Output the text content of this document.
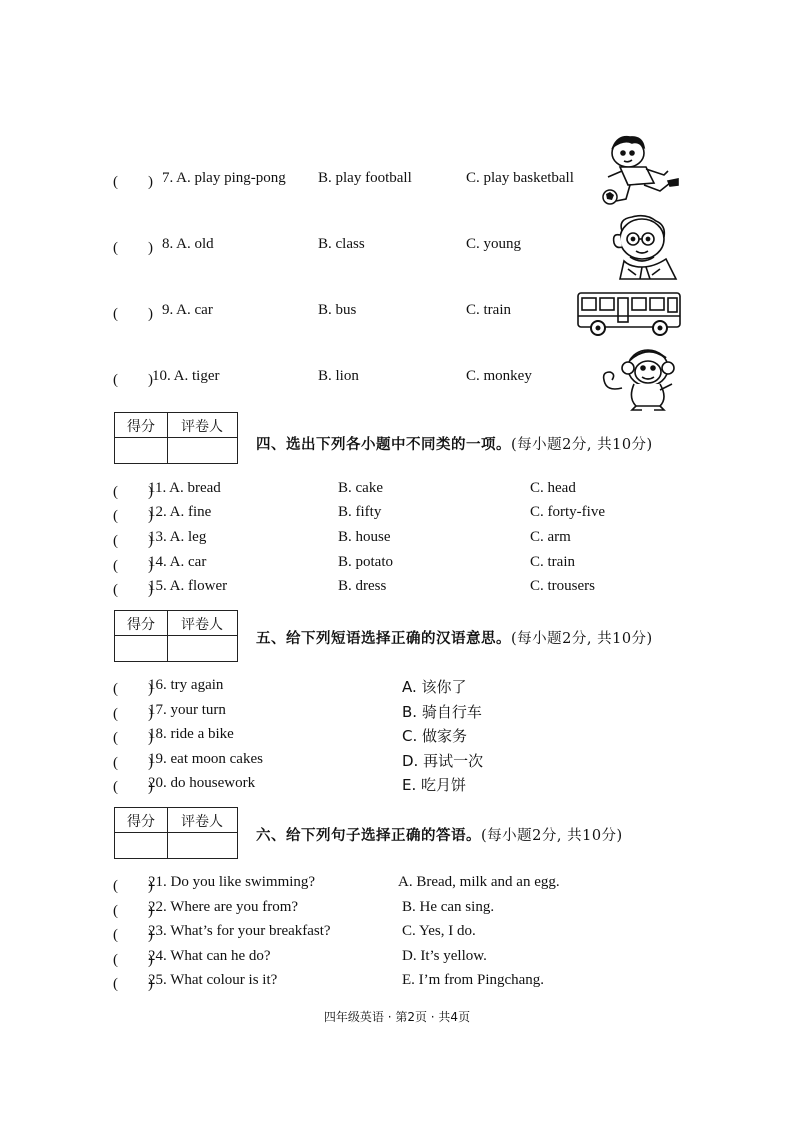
(　　) 7. A. play ping-pong B. play football	C. play basketball
(　　) 8. A. old	B. class	C. young
(　　) 9. A. car	B. bus	C. train
(　　) 10. A. tiger	B. lion	C. monkey
得分	评卷人
四、选出下列各小题中不同类的一项。(每小题2分, 共10分)
(　　)
11. A. bread	B. cake	C. head
(　　)
12. A. fine	B. fifty	C. forty-five
(　　)
13. A. leg	B. house	C. arm
(　　)
14. A. car	B. potato	C. train
(　　)
15. A. flower	B. dress	C. trousers
得分	评卷人
五、给下列短语选择正确的汉语意思。(每小题2分, 共10分)
(　　)
16. try again	A. 该你了
(　　)
17. your turn	B. 骑自行车
(　　)
18. ride a bike	C. 做家务
(　　)
19. eat moon cakes	D. 再试一次
(　　)
20. do housework	E. 吃月饼
得分	评卷人
六、给下列句子选择正确的答语。(每小题2分, 共10分)
(　　)
21. Do you like swimming?	A. Bread, milk and an egg.
(　　)
22. Where are you from?	B. He can sing.
(　　)
23. What’s for your breakfast?	C. Yes, I do.
(　　)
24. What can he do?	D. It’s yellow.
(　　)
25. What colour is it?	E. I’m from Pingchang.
四年级英语 · 第2页 · 共4页
